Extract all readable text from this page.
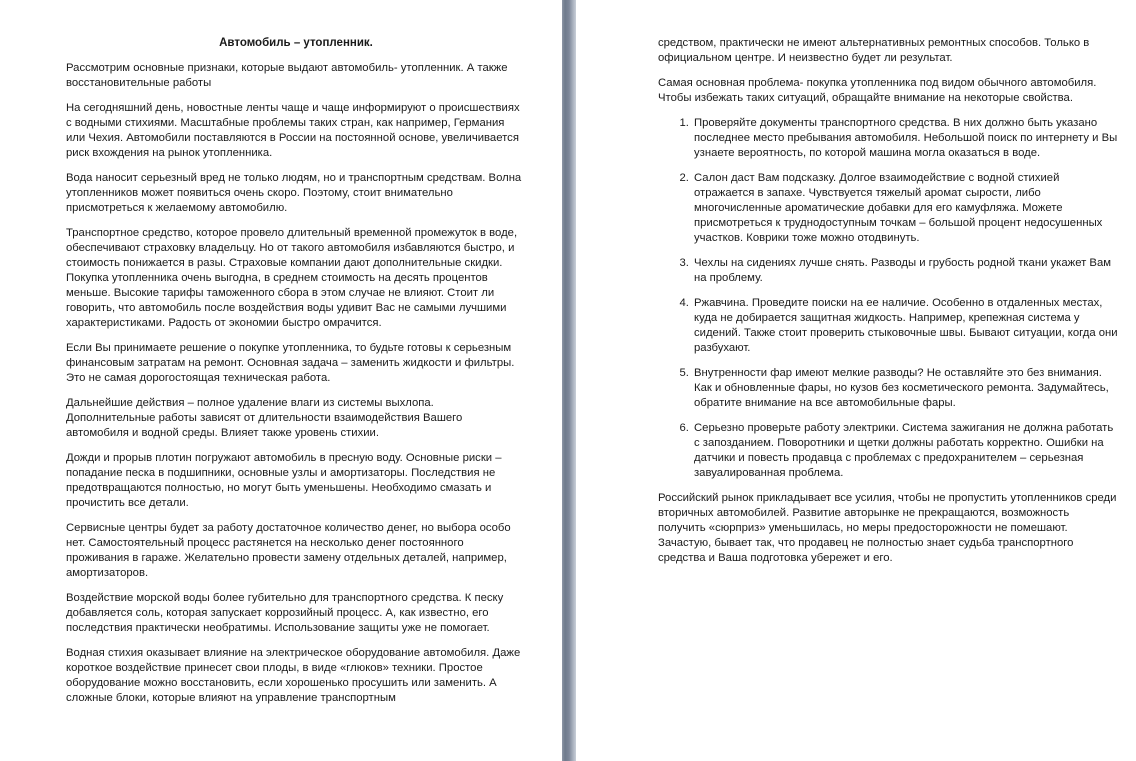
Автомобиль – утопленник.

Рассмотрим основные признаки, которые выдают автомобиль- утопленник. А также восстановительные работы

На сегодняшний день, новостные ленты чаще и чаще информируют о происшествиях с водными стихиями. Масштабные проблемы таких стран, как например, Германия или Чехия. Автомобили поставляются в России на постоянной основе, увеличивается риск вхождения на рынок утопленника.

Вода наносит серьезный вред не только людям, но и транспортным средствам. Волна утопленников может появиться очень скоро. Поэтому, стоит внимательно присмотреться к желаемому автомобилю.

Транспортное средство, которое провело длительный временной промежуток в воде, обеспечивают страховку владельцу. Но от такого автомобиля избавляются быстро, и стоимость понижается в разы. Страховые компании дают дополнительные скидки. Покупка утопленника очень выгодна, в среднем стоимость на десять процентов меньше. Высокие тарифы таможенного сбора в этом случае не влияют. Стоит ли говорить, что автомобиль после воздействия воды удивит Вас не самыми лучшими характеристиками. Радость от экономии быстро омрачится.

Если Вы принимаете решение о покупке утопленника, то будьте готовы к серьезным финансовым затратам на ремонт. Основная задача – заменить жидкости и фильтры. Это не самая дорогостоящая техническая работа.

Дальнейшие действия – полное удаление влаги из системы выхлопа. Дополнительные работы зависят от длительности взаимодействия Вашего автомобиля и водной среды. Влияет также уровень стихии.

Дожди и прорыв плотин погружают автомобиль в пресную воду. Основные риски – попадание песка в подшипники, основные узлы и амортизаторы. Последствия не предотвращаются полностью, но могут быть уменьшены. Необходимо смазать и прочистить все детали.

Сервисные центры будет за работу достаточное количество денег, но выбора особо нет. Самостоятельный процесс растянется на несколько денег постоянного проживания в гараже. Желательно провести замену отдельных деталей, например, амортизаторов.

Воздействие морской воды более губительно для транспортного средства. К песку добавляется соль, которая запускает коррозийный процесс. А, как известно, его последствия практически необратимы. Использование защиты уже не помогает.

Водная стихия оказывает влияние на электрическое оборудование автомобиля. Даже короткое воздействие принесет свои плоды, в виде «глюков» техники. Простое оборудование можно восстановить, если хорошенько просушить или заменить. А сложные блоки, которые влияют на управление транспортным

средством, практически не имеют альтернативных ремонтных способов. Только в официальном центре. И неизвестно будет ли результат.

Самая основная проблема- покупка утопленника под видом обычного автомобиля. Чтобы избежать таких ситуаций, обращайте внимание на некоторые свойства.

1. Проверяйте документы транспортного средства. В них должно быть указано последнее место пребывания автомобиля. Небольшой поиск по интернету и Вы узнаете вероятность, по которой машина могла оказаться в воде.
2. Салон даст Вам подсказку. Долгое взаимодействие с водной стихией отражается в запахе. Чувствуется тяжелый аромат сырости, либо многочисленные ароматические добавки для его камуфляжа. Можете присмотреться к труднодоступным точкам – большой процент недосушенных участков. Коврики тоже можно отодвинуть.
3. Чехлы на сидениях лучше снять. Разводы и грубость родной ткани укажет Вам на проблему.
4. Ржавчина. Проведите поиски на ее наличие. Особенно в отдаленных местах, куда не добирается защитная жидкость. Например, крепежная система у сидений. Также стоит проверить стыковочные швы. Бывают ситуации, когда они разбухают.
5. Внутренности фар имеют мелкие разводы? Не оставляйте это без внимания. Как и обновленные фары, но кузов без косметического ремонта. Задумайтесь, обратите внимание на все автомобильные фары.
6. Серьезно проверьте работу электрики. Система зажигания не должна работать с запозданием. Поворотники и щетки должны работать корректно. Ошибки на датчики и повесть продавца с проблемах с предохранителем – серьезная завуалированная проблема.

Российский рынок прикладывает все усилия, чтобы не пропустить утопленников среди вторичных автомобилей. Развитие авторынке не прекращаются, возможность получить «сюрприз» уменьшилась, но меры предосторожности не помешают. Зачастую, бывает так, что продавец не полностью знает судьба транспортного средства и Ваша подготовка убережет и его.
